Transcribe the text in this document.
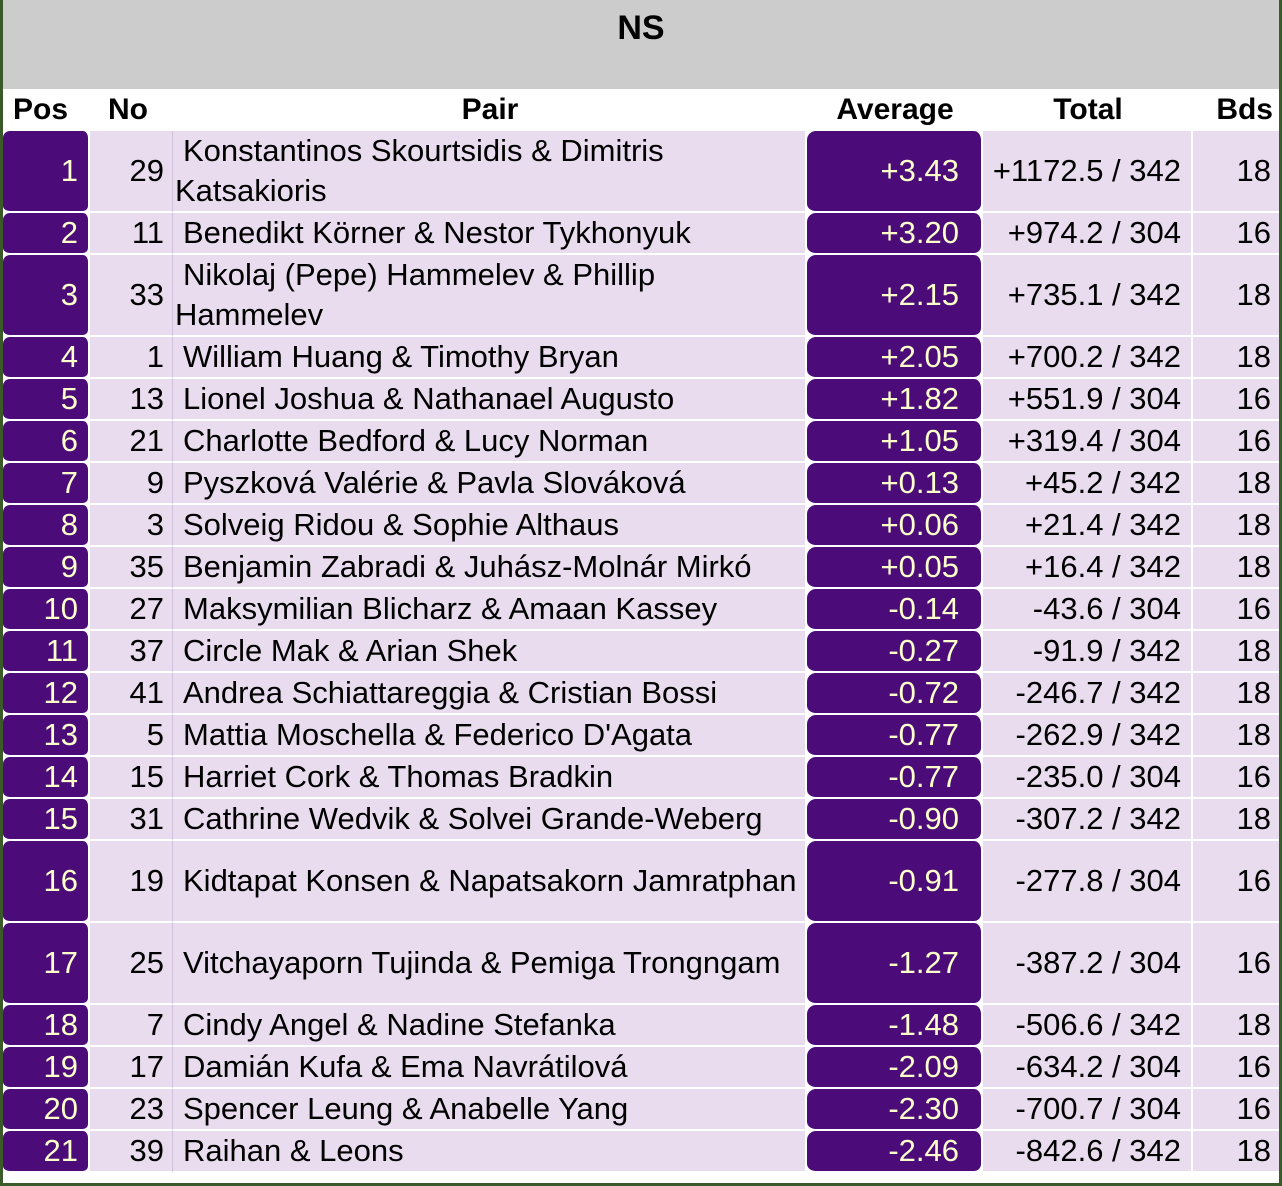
NS
Pos	No	Pair	Average	Total	Bds
1	29	Konstantinos Skourtsidis & Dimitris Katsakioris	+3.43	+1172.5 / 342	18
2	11	Benedikt Körner & Nestor Tykhonyuk	+3.20	+974.2 / 304	16
3	33	Nikolaj (Pepe) Hammelev & Phillip Hammelev	+2.15	+735.1 / 342	18
4	1	William Huang & Timothy Bryan	+2.05	+700.2 / 342	18
5	13	Lionel Joshua & Nathanael Augusto	+1.82	+551.9 / 304	16
6	21	Charlotte Bedford & Lucy Norman	+1.05	+319.4 / 304	16
7	9	Pyszková Valérie & Pavla Slováková	+0.13	+45.2 / 342	18
8	3	Solveig Ridou & Sophie Althaus	+0.06	+21.4 / 342	18
9	35	Benjamin Zabradi & Juhász-Molnár Mirkó	+0.05	+16.4 / 342	18
10	27	Maksymilian Blicharz & Amaan Kassey	-0.14	-43.6 / 304	16
11	37	Circle Mak & Arian Shek	-0.27	-91.9 / 342	18
12	41	Andrea Schiattareggia & Cristian Bossi	-0.72	-246.7 / 342	18
13	5	Mattia Moschella & Federico D'Agata	-0.77	-262.9 / 342	18
14	15	Harriet Cork & Thomas Bradkin	-0.77	-235.0 / 304	16
15	31	Cathrine Wedvik & Solvei Grande-Weberg	-0.90	-307.2 / 342	18
16	19	Kidtapat Konsen & Napatsakorn Jamratphan	-0.91	-277.8 / 304	16
17	25	Vitchayaporn Tujinda & Pemiga Trongngam	-1.27	-387.2 / 304	16
18	7	Cindy Angel & Nadine Stefanka	-1.48	-506.6 / 342	18
19	17	Damián Kufa & Ema Navrátilová	-2.09	-634.2 / 304	16
20	23	Spencer Leung & Anabelle Yang	-2.30	-700.7 / 304	16
21	39	Raihan & Leons	-2.46	-842.6 / 342	18
